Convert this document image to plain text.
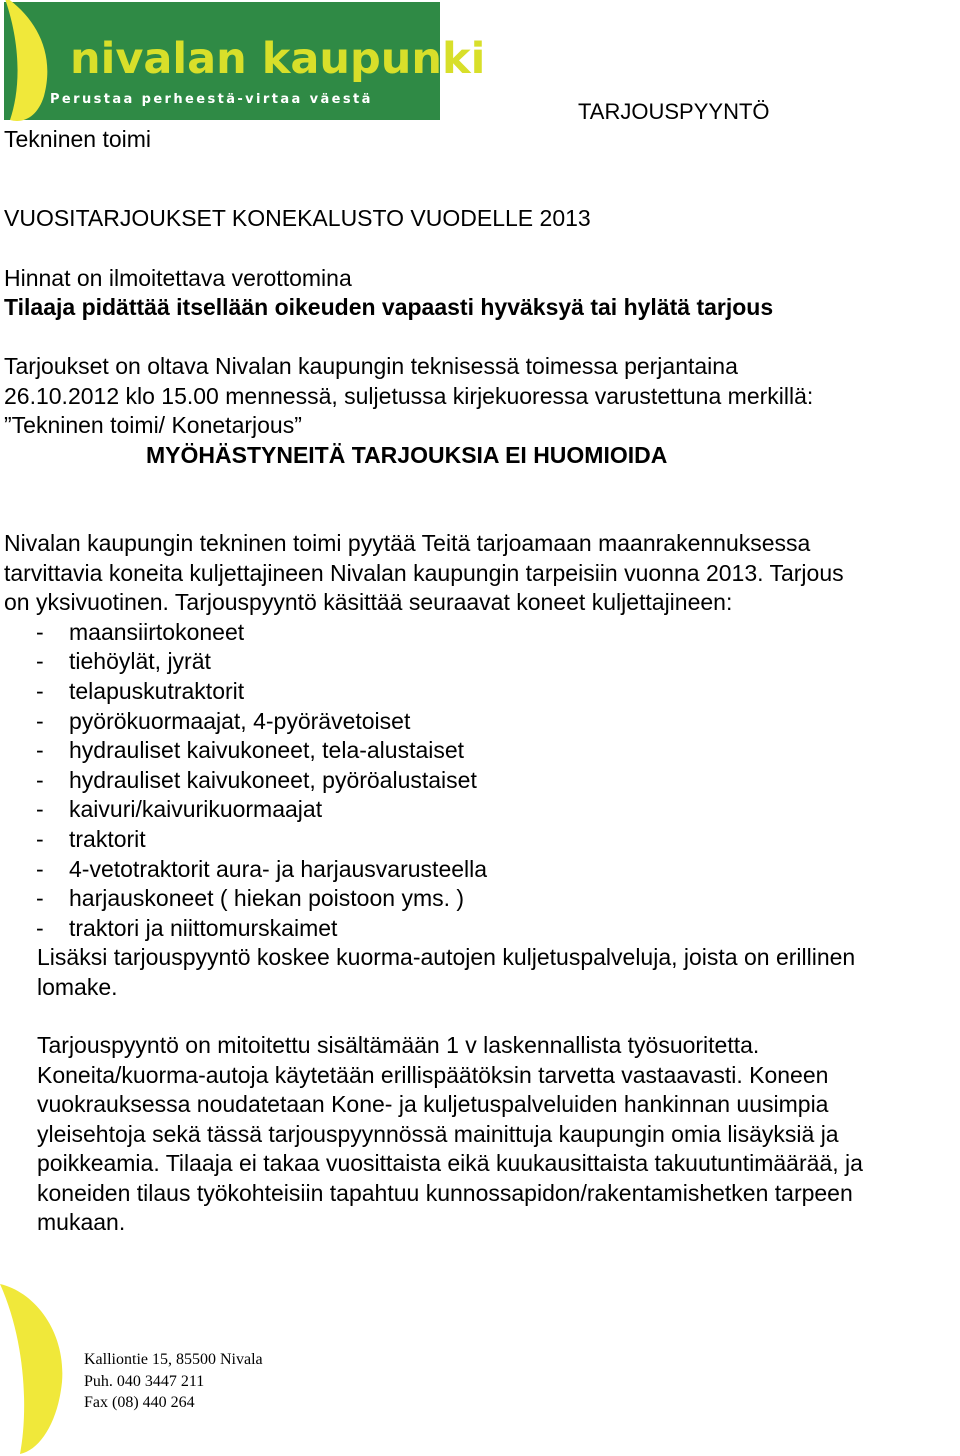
nivalan kaupunki
Perustaa perheestä-virtaa väestä	TARJOUSPYYNTÖ
Tekninen toimi
VUOSITARJOUKSET KONEKALUSTO VUODELLE 2013
Hinnat on ilmoitettava verottomina
Tilaaja pidättää itsellään oikeuden vapaasti hyväksyä tai hylätä tarjous
Tarjoukset on oltava Nivalan kaupungin teknisessä toimessa perjantaina
26.10.2012 klo 15.00 mennessä, suljetussa kirjekuoressa varustettuna merkillä:
”Tekninen toimi/ Konetarjous”
MYÖHÄSTYNEITÄ TARJOUKSIA EI HUOMIOIDA

Nivalan kaupungin tekninen toimi pyytää Teitä tarjoamaan maanrakennuksessa

tarvittavia koneita kuljettajineen Nivalan kaupungin tarpeisiin vuonna 2013. Tarjous

on yksivuotinen. Tarjouspyyntö käsittää seuraavat koneet kuljettajineen:

- maansiirtokoneet
- tiehöylät, jyrät
- telapuskutraktorit
- pyörökuormaajat, 4-pyörävetoiset
- hydrauliset kaivukoneet, tela-alustaiset
- hydrauliset kaivukoneet, pyöröalustaiset
- kaivuri/kaivurikuormaajat
- traktorit
- 4-vetotraktorit aura- ja harjausvarusteella
- harjauskoneet ( hiekan poistoon yms. )
- traktori ja niittomurskaimet

Lisäksi tarjouspyyntö koskee kuorma-autojen kuljetuspalveluja, joista on erillinen

lomake.

Tarjouspyyntö on mitoitettu sisältämään 1 v laskennallista työsuoritetta.

Koneita/kuorma-autoja käytetään erillispäätöksin tarvetta vastaavasti. Koneen

vuokrauksessa noudatetaan Kone- ja kuljetuspalveluiden hankinnan uusimpia

yleisehtoja sekä tässä tarjouspyynnössä mainittuja kaupungin omia lisäyksiä ja

poikkeamia. Tilaaja ei takaa vuosittaista eikä kuukausittaista takuutuntimäärää, ja

koneiden tilaus työkohteisiin tapahtuu kunnossapidon/rakentamishetken tarpeen

mukaan.

Kalliontie 15, 85500 Nivala
Puh. 040 3447 211
Fax (08) 440 264
